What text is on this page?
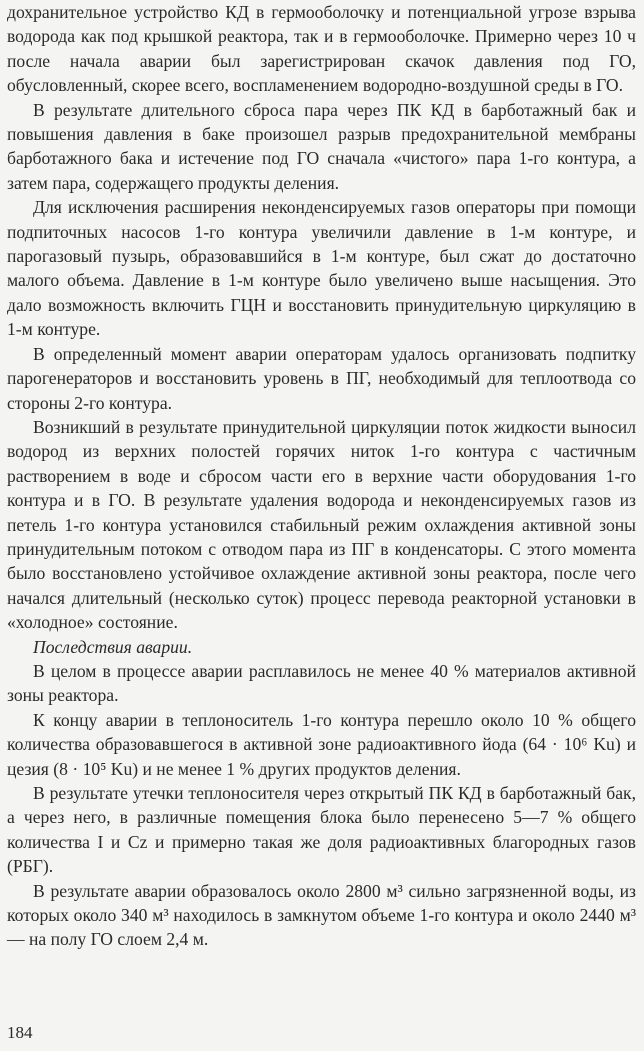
дохранительное устройство КД в гермооболочку и потенциальной угрозе взрыва водорода как под крышкой реактора, так и в гермооболочке. Примерно через 10 ч после начала аварии был зарегистрирован скачок давления под ГО, обусловленный, скорее всего, воспламенением водородно-воздушной среды в ГО.

В результате длительного сброса пара через ПК КД в барботажный бак и повышения давления в баке произошел разрыв предохранительной мембраны барботажного бака и истечение под ГО сначала «чистого» пара 1-го контура, а затем пара, содержащего продукты деления.

Для исключения расширения неконденсируемых газов операторы при помощи подпиточных насосов 1-го контура увеличили давление в 1-м контуре, и парогазовый пузырь, образовавшийся в 1-м контуре, был сжат до достаточно малого объема. Давление в 1-м контуре было увеличено выше насыщения. Это дало возможность включить ГЦН и восстановить принудительную циркуляцию в 1-м контуре.

В определенный момент аварии операторам удалось организовать подпитку парогенераторов и восстановить уровень в ПГ, необходимый для теплоотвода со стороны 2-го контура.

Возникший в результате принудительной циркуляции поток жидкости выносил водород из верхних полостей горячих ниток 1-го контура с частичным растворением в воде и сбросом части его в верхние части оборудования 1-го контура и в ГО. В результате удаления водорода и неконденсируемых газов из петель 1-го контура установился стабильный режим охлаждения активной зоны принудительным потоком с отводом пара из ПГ в конденсаторы. С этого момента было восстановлено устойчивое охлаждение активной зоны реактора, после чего начался длительный (несколько суток) процесс перевода реакторной установки в «холодное» состояние.

Последствия аварии.

В целом в процессе аварии расплавилось не менее 40 % материалов активной зоны реактора.

К концу аварии в теплоноситель 1-го контура перешло около 10 % общего количества образовавшегося в активной зоне радиоактивного йода (64 · 10⁶ Ku) и цезия (8 · 10⁵ Ku) и не менее 1 % других продуктов деления.

В результате утечки теплоносителя через открытый ПК КД в барботажный бак, а через него, в различные помещения блока было перенесено 5—7 % общего количества I и Cz и примерно такая же доля радиоактивных благородных газов (РБГ).

В результате аварии образовалось около 2800 м³ сильно загрязненной воды, из которых около 340 м³ находилось в замкнутом объеме 1-го контура и около 2440 м³ — на полу ГО слоем 2,4 м.

184
